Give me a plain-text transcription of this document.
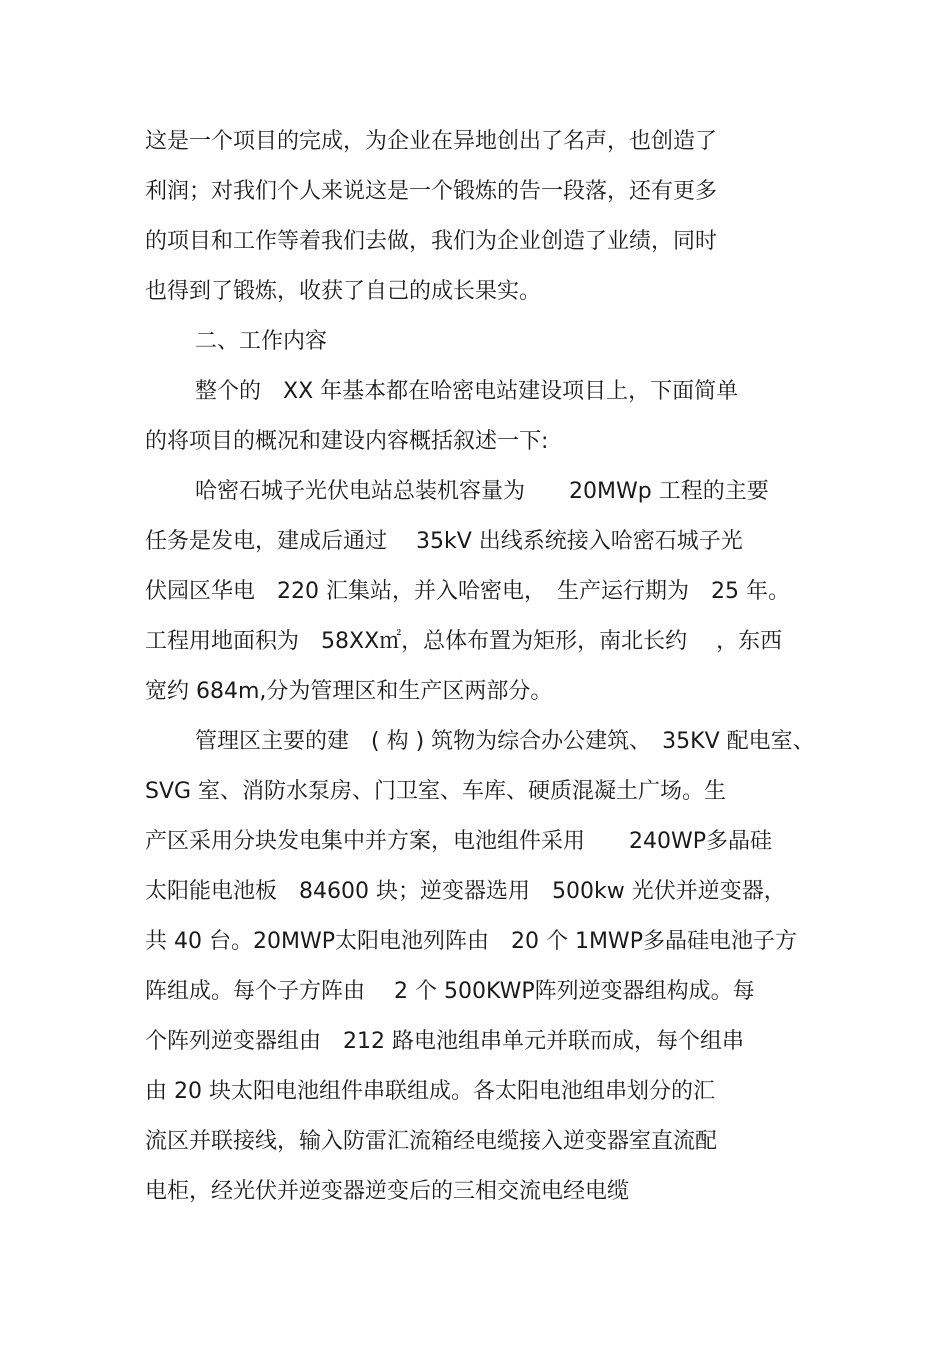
这是一个项目的完成，为企业在异地创出了名声，也创造了
利润；对我们个人来说这是一个锻炼的告一段落，还有更多
的项目和工作等着我们去做，我们为企业创造了业绩，同时
也得到了锻炼，收获了自己的成长果实。
二、工作内容
整个的　XX 年基本都在哈密电站建设项目上，下面简单
的将项目的概况和建设内容概括叙述一下:
哈密石城子光伏电站总装机容量为　　20MWp 工程的主要
任务是发电，建成后通过　 35kV 出线系统接入哈密石城子光
伏园区华电　220 汇集站，并入哈密电，　生产运行期为　25 年。
工程用地面积为　58XX㎡，总体布置为矩形，南北长约　 ，东西
宽约 684m,分为管理区和生产区两部分。
管理区主要的建　( 构 ) 筑物为综合办公建筑、　35KV 配电室、
SVG 室、消防水泵房、门卫室、车库、硬质混凝土广场。生
产区采用分块发电集中并方案，电池组件采用　　240WP多晶硅
太阳能电池板　84600 块；逆变器选用　500kw 光伏并逆变器，
共 40 台。20MWP太阳电池列阵由　20 个 1MWP多晶硅电池子方
阵组成。每个子方阵由　 2 个 500KWP阵列逆变器组构成。每
个阵列逆变器组由　212 路电池组串单元并联而成，每个组串
由 20 块太阳电池组件串联组成。各太阳电池组串划分的汇
流区并联接线，输入防雷汇流箱经电缆接入逆变器室直流配
电柜，经光伏并逆变器逆变后的三相交流电经电缆
